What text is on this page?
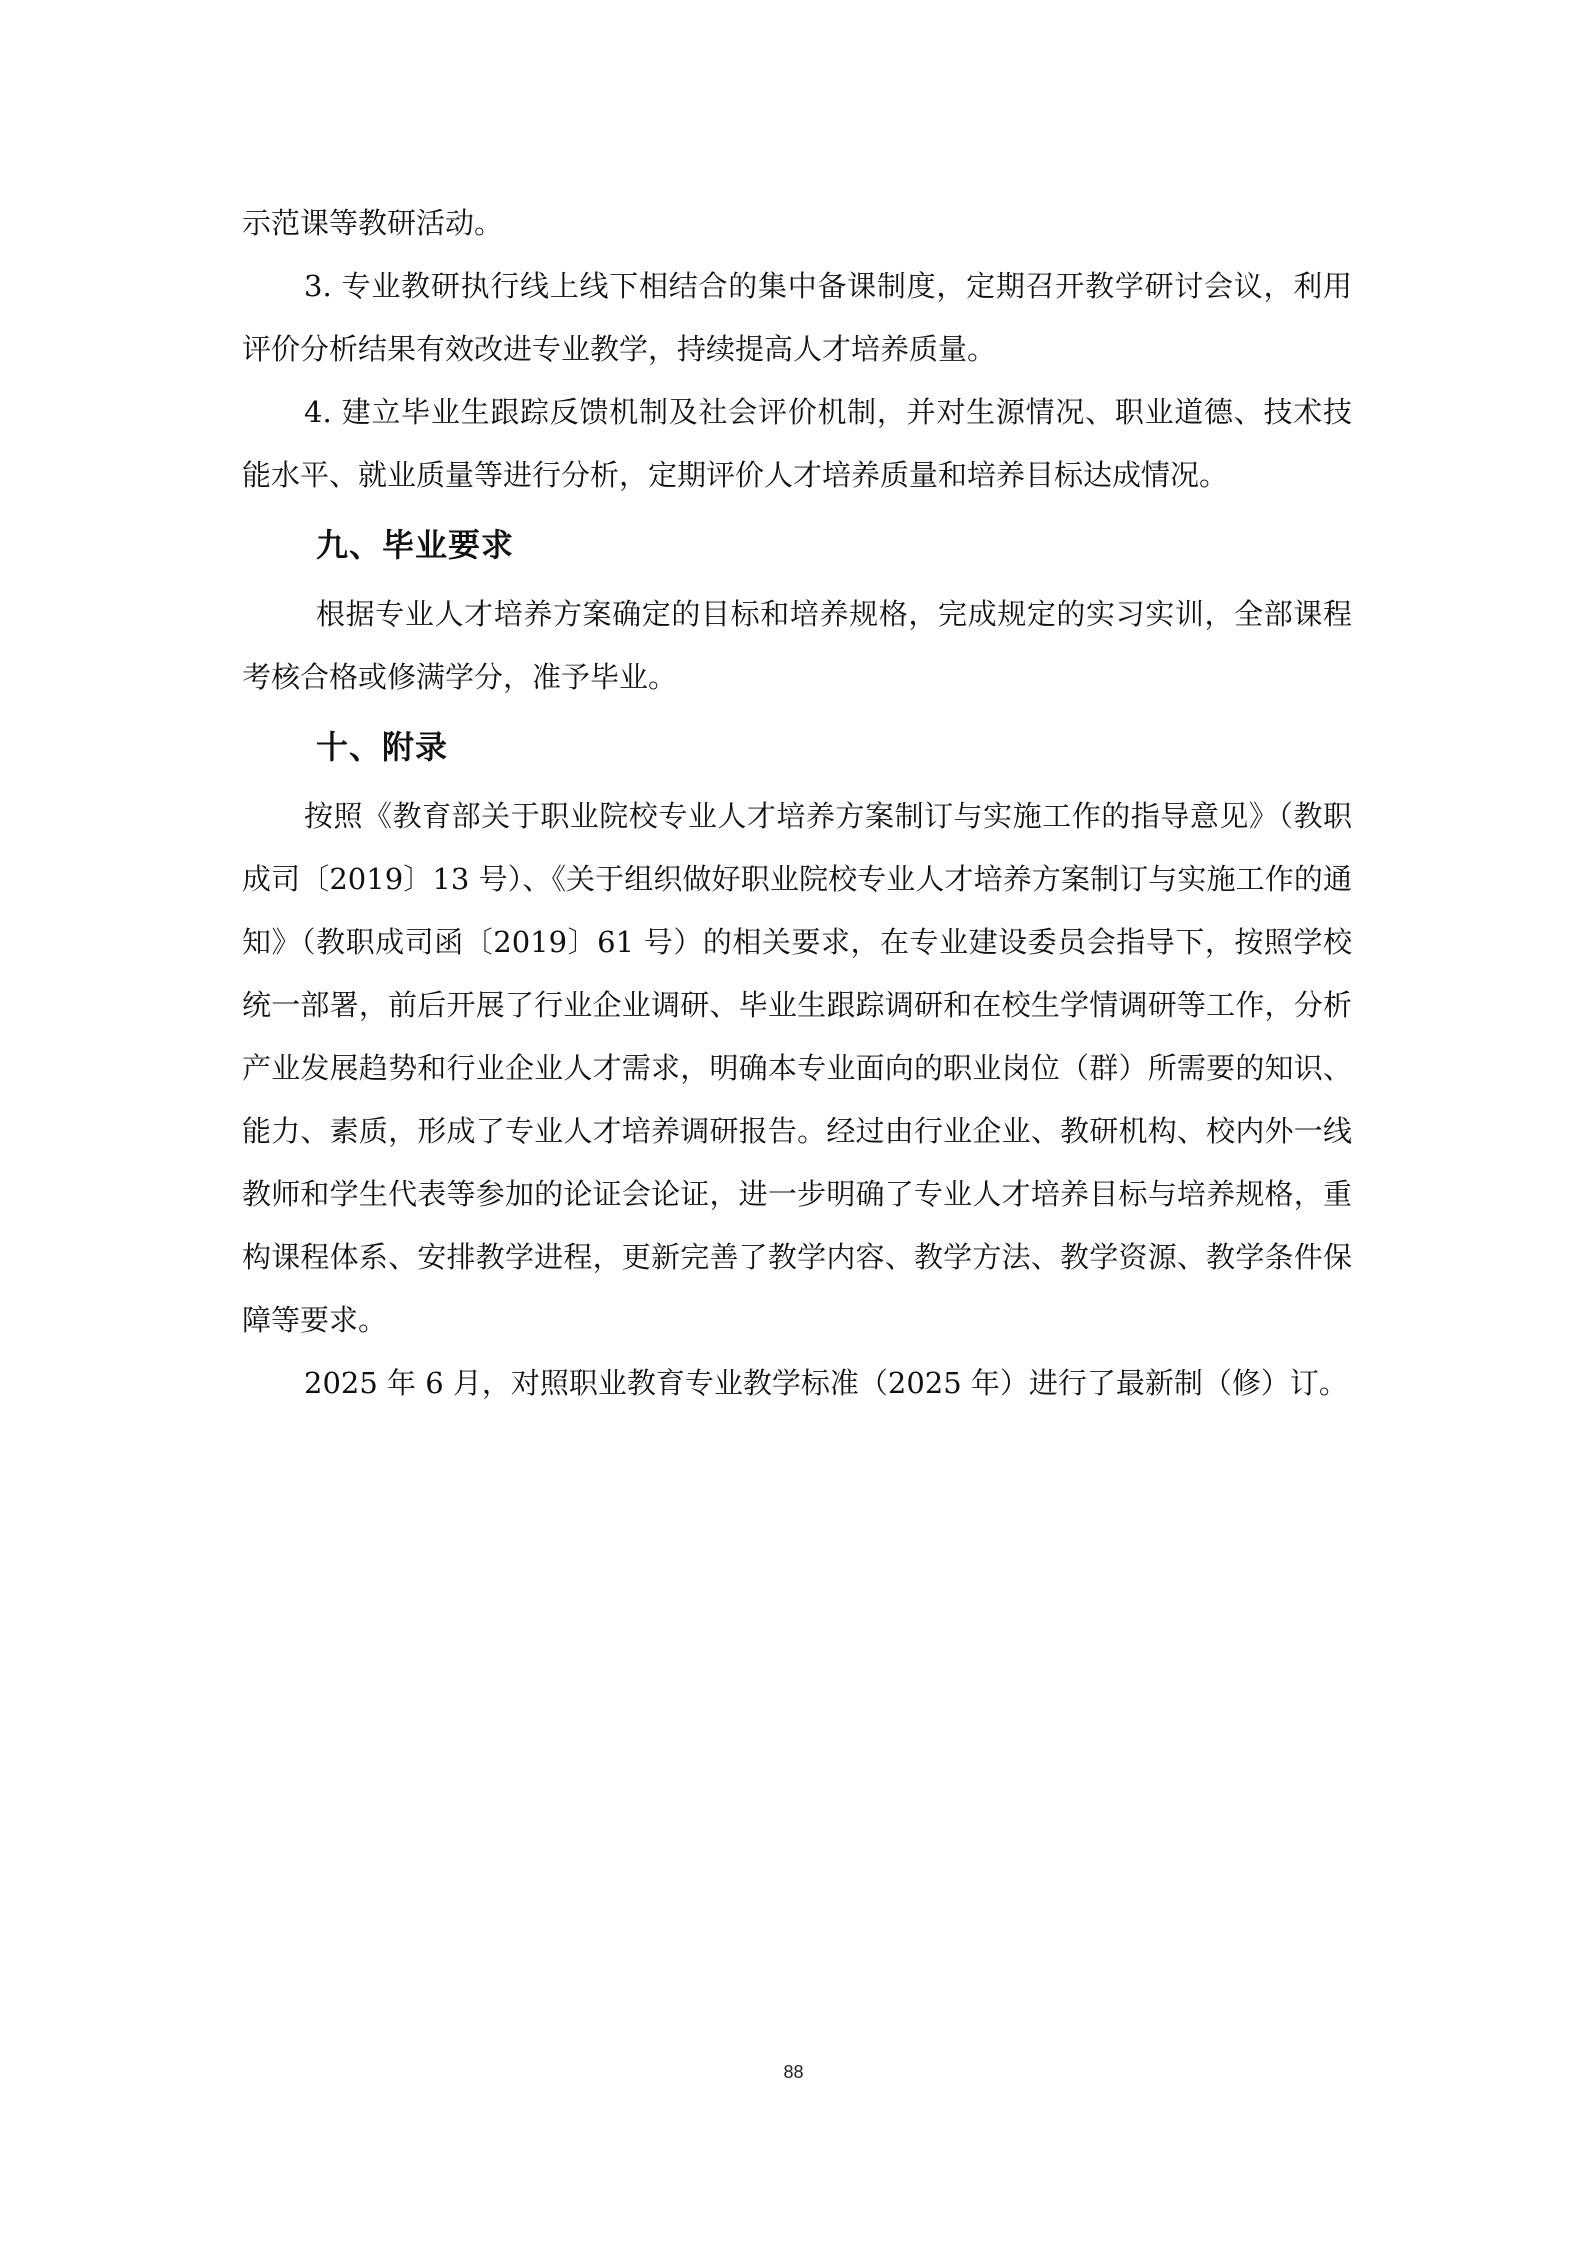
示范课等教研活动。

3. 专业教研执行线上线下相结合的集中备课制度，定期召开教学研讨会议，利用评价分析结果有效改进专业教学，持续提高人才培养质量。

4. 建立毕业生跟踪反馈机制及社会评价机制，并对生源情况、职业道德、技术技能水平、就业质量等进行分析，定期评价人才培养质量和培养目标达成情况。

九、毕业要求

根据专业人才培养方案确定的目标和培养规格，完成规定的实习实训，全部课程考核合格或修满学分，准予毕业。

十、附录

按照《教育部关于职业院校专业人才培养方案制订与实施工作的指导意见》（教职成司〔2019〕13 号）、《关于组织做好职业院校专业人才培养方案制订与实施工作的通知》（教职成司函〔2019〕61 号）的相关要求，在专业建设委员会指导下，按照学校统一部署，前后开展了行业企业调研、毕业生跟踪调研和在校生学情调研等工作，分析产业发展趋势和行业企业人才需求，明确本专业面向的职业岗位（群）所需要的知识、能力、素质，形成了专业人才培养调研报告。经过由行业企业、教研机构、校内外一线教师和学生代表等参加的论证会论证，进一步明确了专业人才培养目标与培养规格，重构课程体系、安排教学进程，更新完善了教学内容、教学方法、教学资源、教学条件保障等要求。

2025 年 6 月，对照职业教育专业教学标准（2025 年）进行了最新制（修）订。

88
